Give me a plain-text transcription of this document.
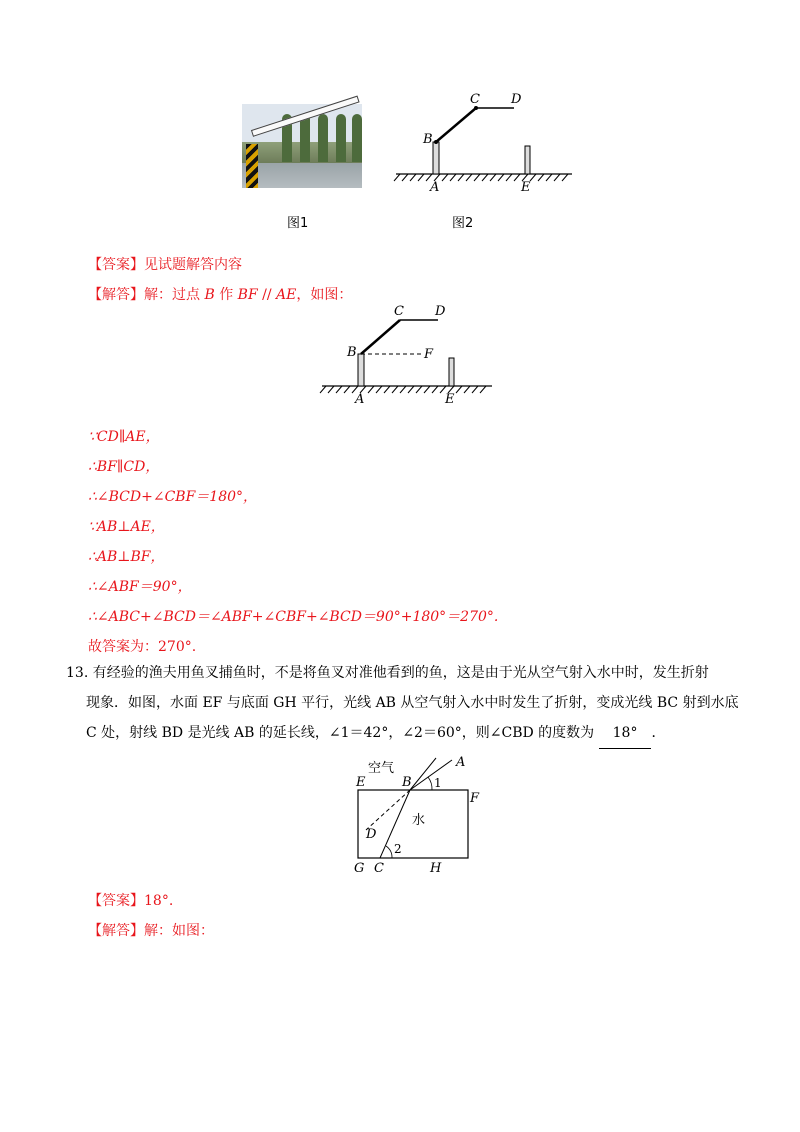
图1
C D
B
A	E
图2
【答案】见试题解答内容
【解答】解：过点 B 作 BF // AE，如图：
C D
B	F
A	E
∵CD∥AE，
∴BF∥CD，
∴∠BCD+∠CBF＝180°，
∵AB⊥AE，
∴AB⊥BF，
∴∠ABF＝90°，
∴∠ABC+∠BCD＝∠ABF+∠CBF+∠BCD＝90°+180°＝270°.
故答案为：270°.
13. 有经验的渔夫用鱼叉捕鱼时，不是将鱼叉对准他看到的鱼，这是由于光从空气射入水中时，发生折射
现象．如图，水面 EF 与底面 GH 平行，光线 AB 从空气射入水中时发生了折射，变成光线 BC 射到水底
C 处，射线 BD 是光线 AB 的延长线，∠1＝42°，∠2＝60°，则∠CBD 的度数为 18° ．
空气
水
E	B
A
F
D
1
2
G C	H
【答案】18°.
【解答】解：如图：
